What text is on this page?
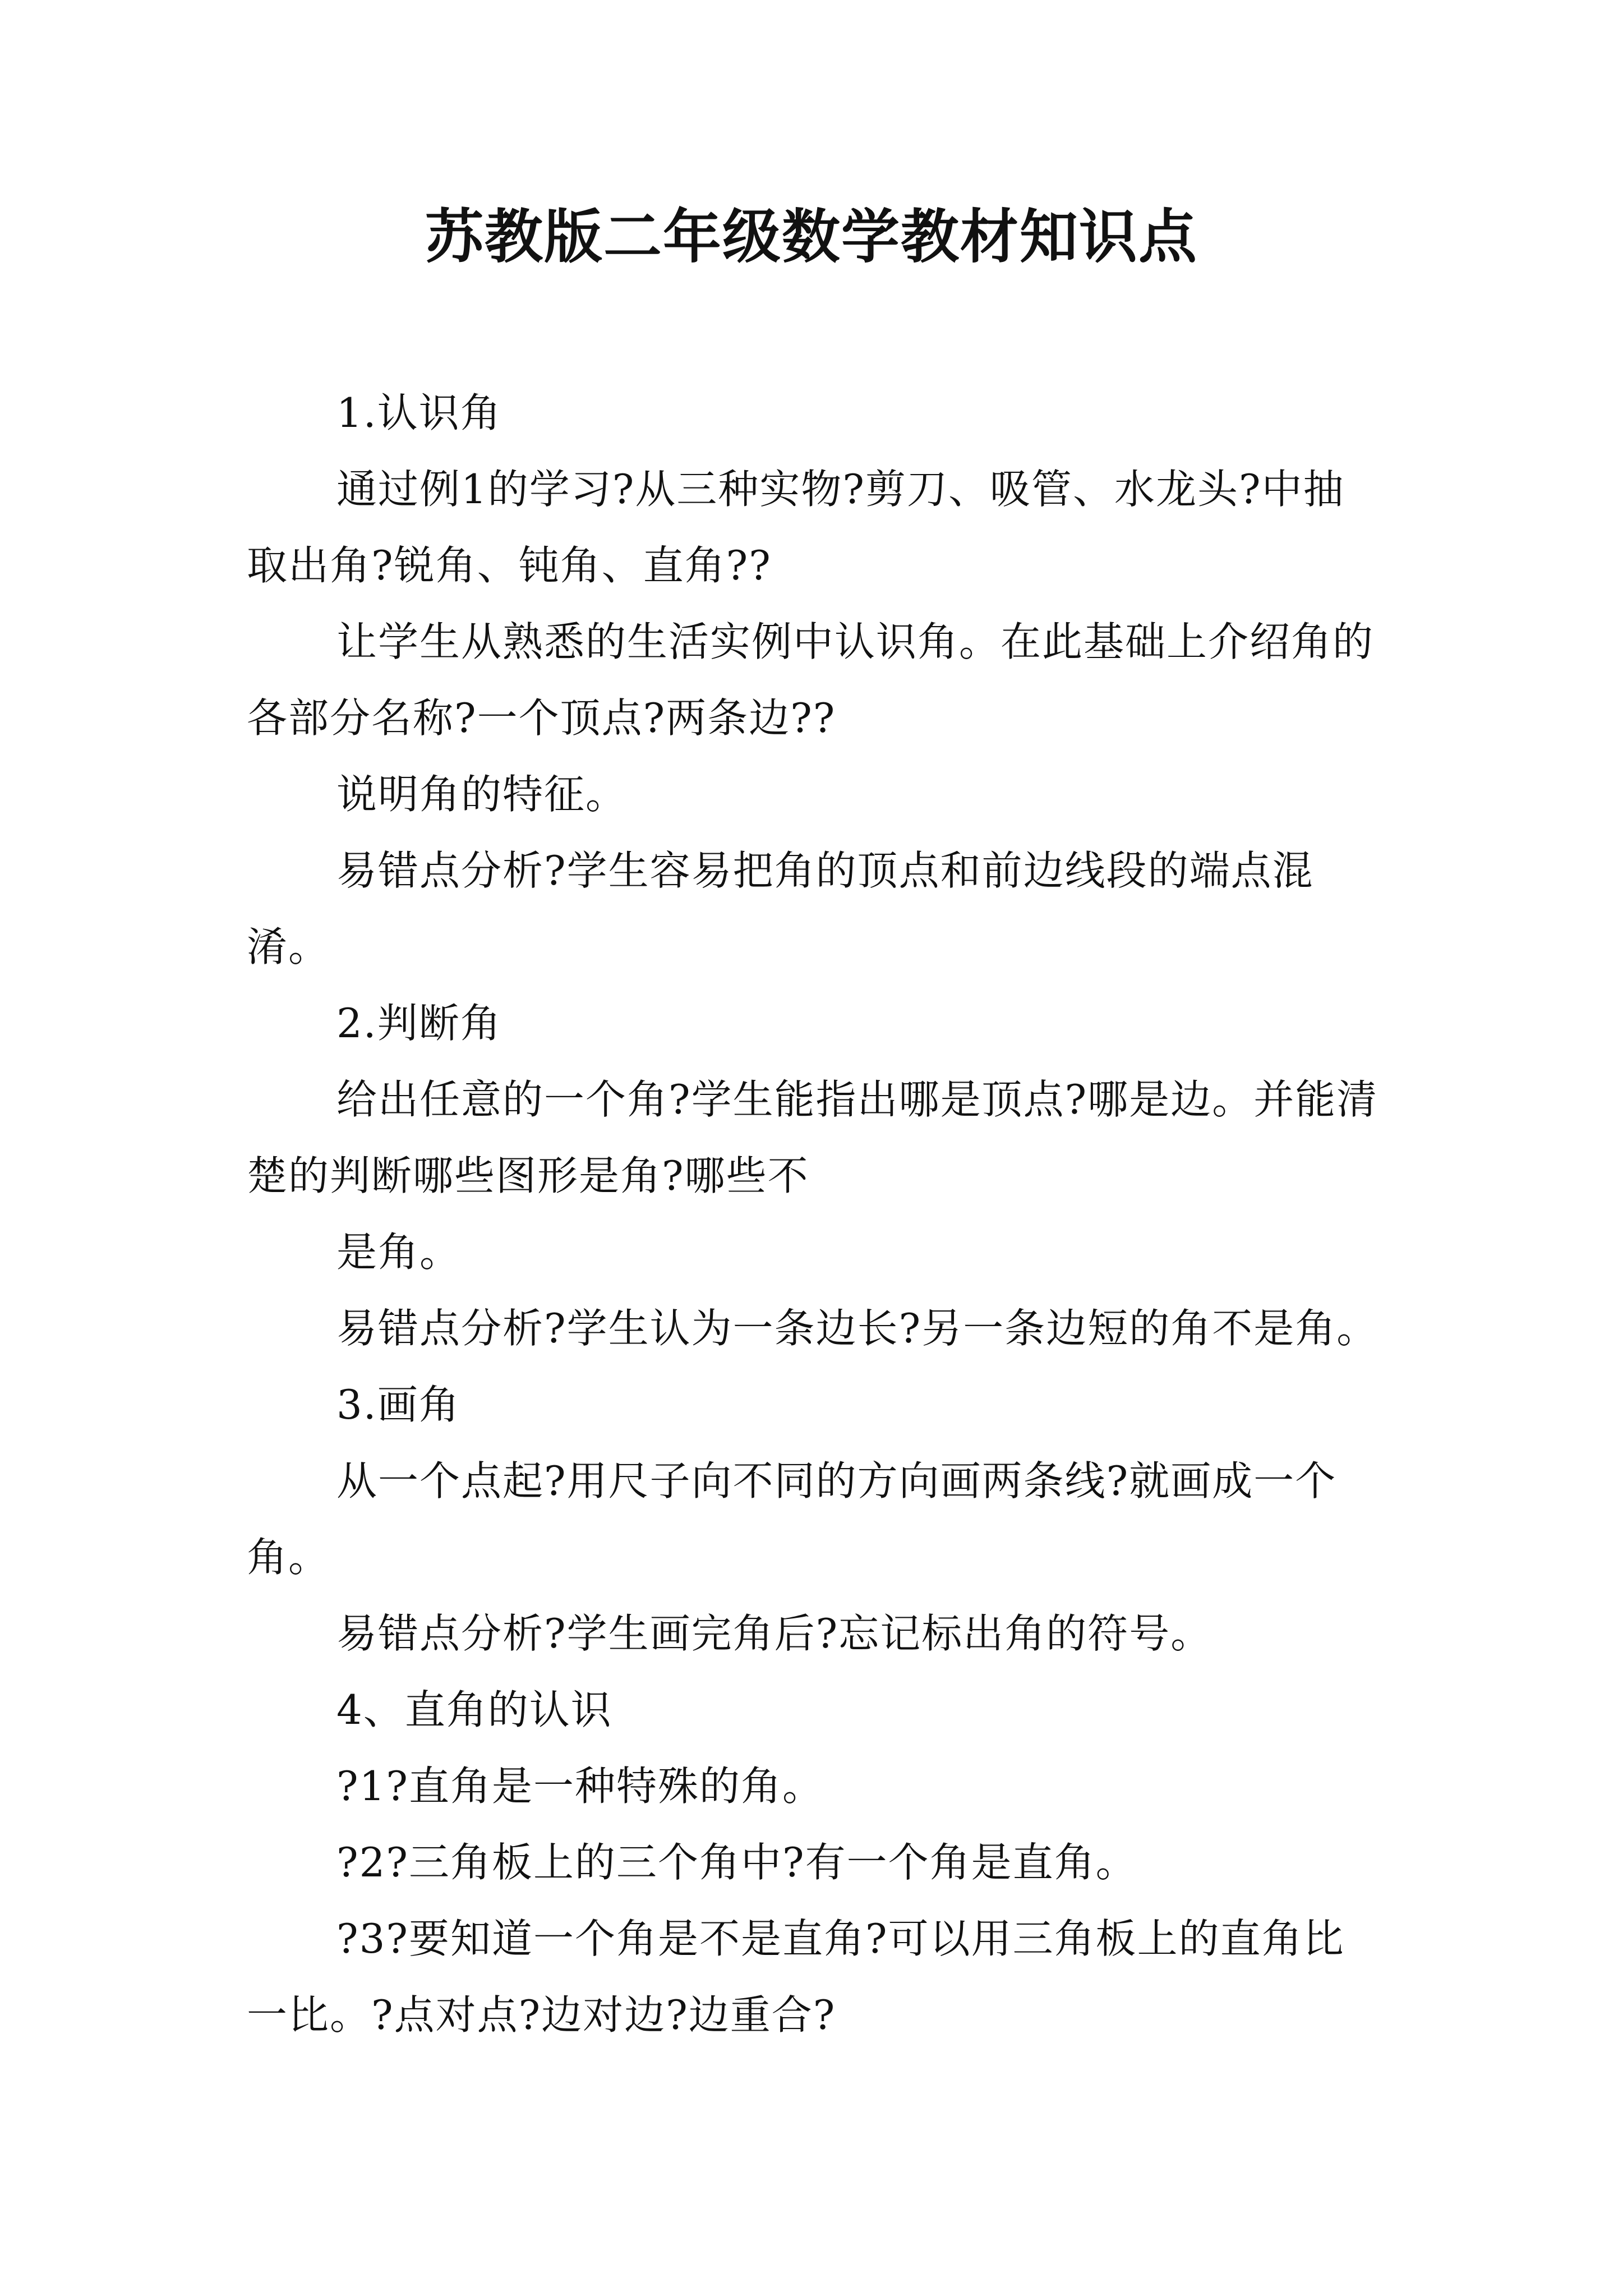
苏教版二年级数学教材知识点

1.认识角

通过例1的学习?从三种实物?剪刀、吸管、水龙头?中抽取出角?锐角、钝角、直角??

让学生从熟悉的生活实例中认识角。在此基础上介绍角的各部分名称?一个顶点?两条边??

说明角的特征。

易错点分析?学生容易把角的顶点和前边线段的端点混淆。

2.判断角

给出任意的一个角?学生能指出哪是顶点?哪是边。并能清楚的判断哪些图形是角?哪些不

是角。

易错点分析?学生认为一条边长?另一条边短的角不是角。

3.画角

从一个点起?用尺子向不同的方向画两条线?就画成一个角。

易错点分析?学生画完角后?忘记标出角的符号。

4、直角的认识

?1?直角是一种特殊的角。

?2?三角板上的三个角中?有一个角是直角。

?3?要知道一个角是不是直角?可以用三角板上的直角比一比。?点对点?边对边?边重合?
